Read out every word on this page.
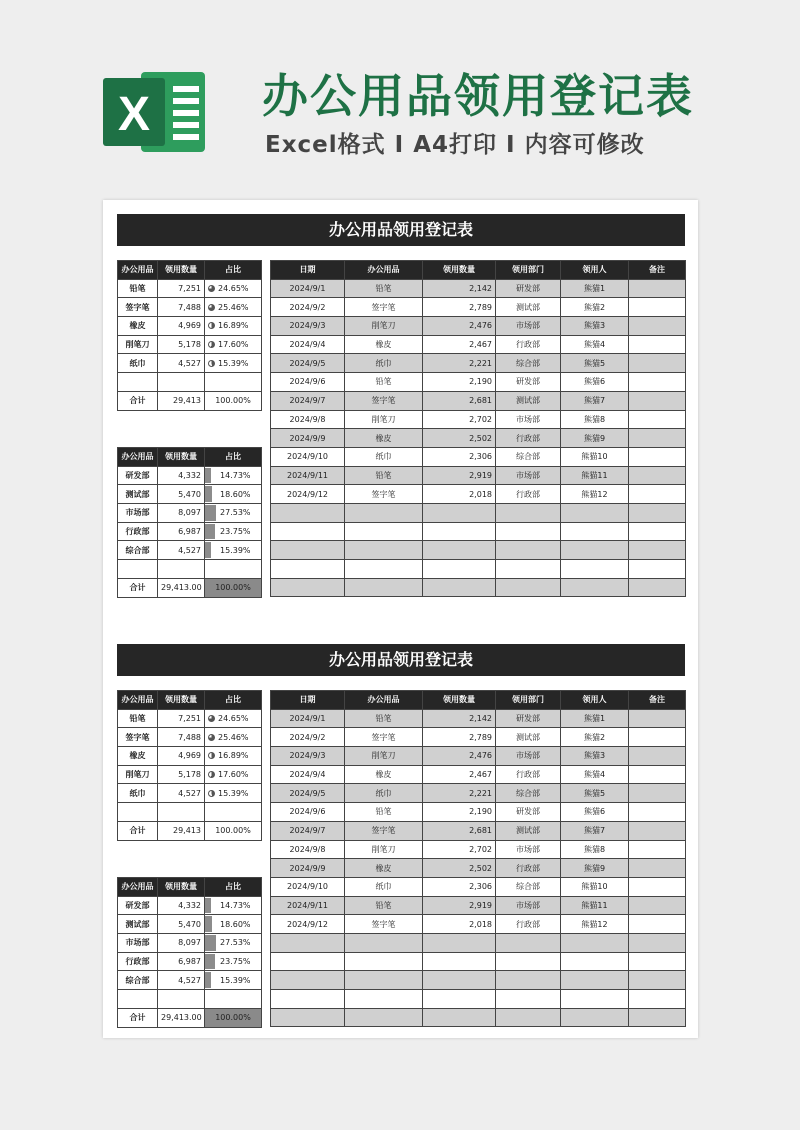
X 办公用品领用登记表
Excel格式 Ⅰ A4打印 Ⅰ 内容可修改
办公用品领用登记表
办公用品	领用数量	占比
铅笔	7,251	24.65%
签字笔	7,488	25.46%
橡皮	4,969	16.89%
削笔刀	5,178	17.60%
纸巾	4,527	15.39%

合计	29,413	100.00%
办公用品	领用数量	占比
研发部	4,332	14.73%
测试部	5,470	18.60%
市场部	8,097	27.53%
行政部	6,987	23.75%
综合部	4,527	15.39%

合计	29,413.00	100.00%
日期	办公用品	领用数量	领用部门	领用人	备注
2024/9/1	铅笔	2,142	研发部	熊猫1	
2024/9/2	签字笔	2,789	测试部	熊猫2	
2024/9/3	削笔刀	2,476	市场部	熊猫3	
2024/9/4	橡皮	2,467	行政部	熊猫4	
2024/9/5	纸巾	2,221	综合部	熊猫5	
2024/9/6	铅笔	2,190	研发部	熊猫6	
2024/9/7	签字笔	2,681	测试部	熊猫7	
2024/9/8	削笔刀	2,702	市场部	熊猫8	
2024/9/9	橡皮	2,502	行政部	熊猫9	
2024/9/10	纸巾	2,306	综合部	熊猫10	
2024/9/11	铅笔	2,919	市场部	熊猫11	
2024/9/12	签字笔	2,018	行政部	熊猫12	

办公用品领用登记表
办公用品	领用数量	占比
铅笔	7,251	24.65%
签字笔	7,488	25.46%
橡皮	4,969	16.89%
削笔刀	5,178	17.60%
纸巾	4,527	15.39%

合计	29,413	100.00%
办公用品	领用数量	占比
研发部	4,332	14.73%
测试部	5,470	18.60%
市场部	8,097	27.53%
行政部	6,987	23.75%
综合部	4,527	15.39%

合计	29,413.00	100.00%
日期	办公用品	领用数量	领用部门	领用人	备注
2024/9/1	铅笔	2,142	研发部	熊猫1	
2024/9/2	签字笔	2,789	测试部	熊猫2	
2024/9/3	削笔刀	2,476	市场部	熊猫3	
2024/9/4	橡皮	2,467	行政部	熊猫4	
2024/9/5	纸巾	2,221	综合部	熊猫5	
2024/9/6	铅笔	2,190	研发部	熊猫6	
2024/9/7	签字笔	2,681	测试部	熊猫7	
2024/9/8	削笔刀	2,702	市场部	熊猫8	
2024/9/9	橡皮	2,502	行政部	熊猫9	
2024/9/10	纸巾	2,306	综合部	熊猫10	
2024/9/11	铅笔	2,919	市场部	熊猫11	
2024/9/12	签字笔	2,018	行政部	熊猫12	
